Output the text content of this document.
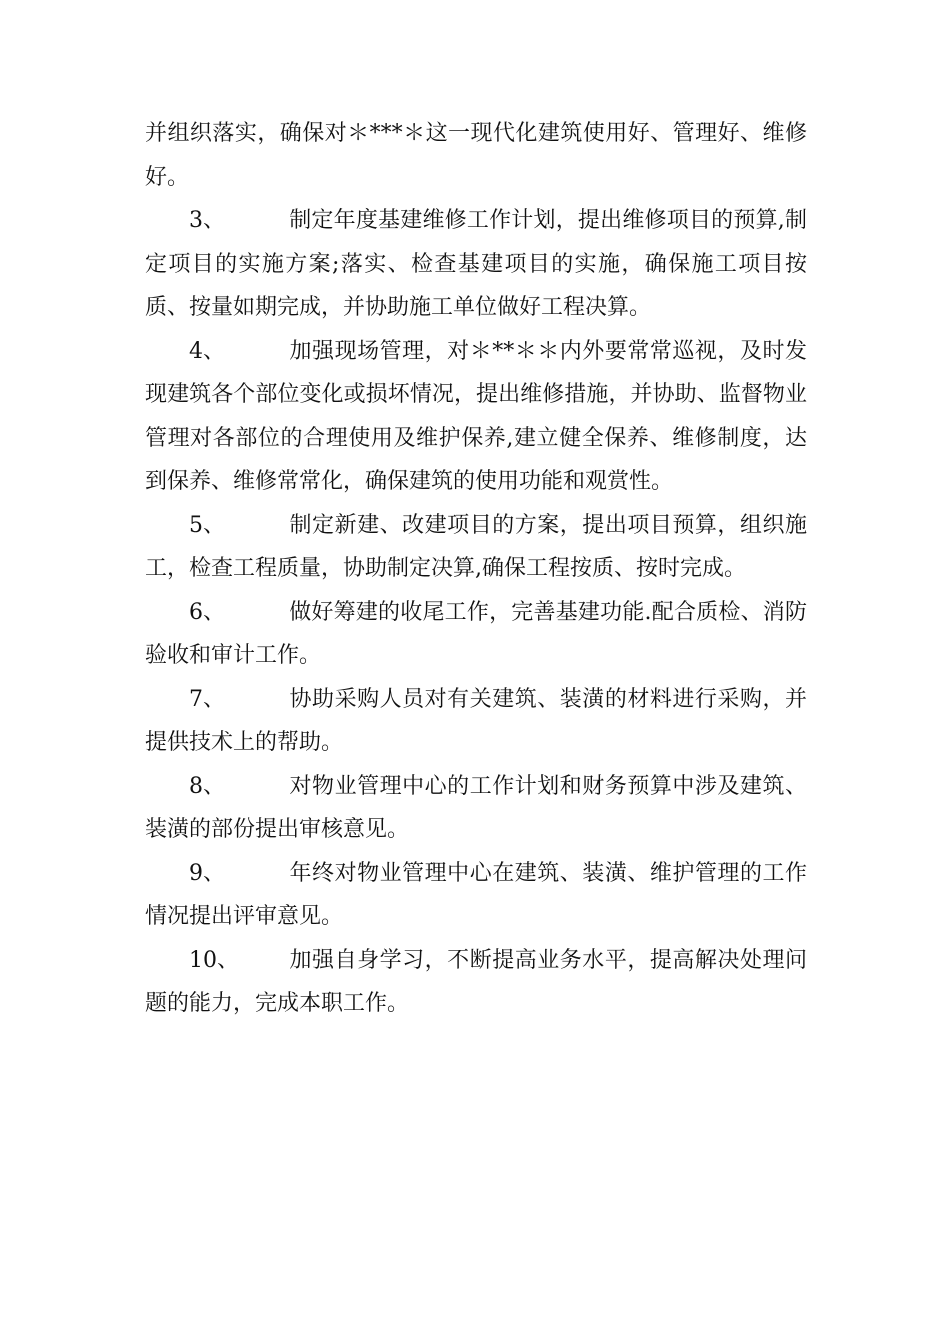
并组织落实，确保对＊***＊这一现代化建筑使用好、管理好、维修好。

3、	制定年度基建维修工作计划，提出维修项目的预算,制定项目的实施方案;落实、检查基建项目的实施，确保施工项目按质、按量如期完成，并协助施工单位做好工程决算。

4、	加强现场管理，对＊**＊＊内外要常常巡视，及时发现建筑各个部位变化或损坏情况，提出维修措施，并协助、监督物业管理对各部位的合理使用及维护保养,建立健全保养、维修制度，达到保养、维修常常化，确保建筑的使用功能和观赏性。

5、	制定新建、改建项目的方案，提出项目预算，组织施工，检查工程质量，协助制定决算,确保工程按质、按时完成。

6、	做好筹建的收尾工作，完善基建功能.配合质检、消防验收和审计工作。

7、	协助采购人员对有关建筑、装潢的材料进行采购，并提供技术上的帮助。

8、	对物业管理中心的工作计划和财务预算中涉及建筑、装潢的部份提出审核意见。

9、	年终对物业管理中心在建筑、装潢、维护管理的工作情况提出评审意见。

10、 加强自身学习，不断提高业务水平，提高解决处理问题的能力，完成本职工作。
